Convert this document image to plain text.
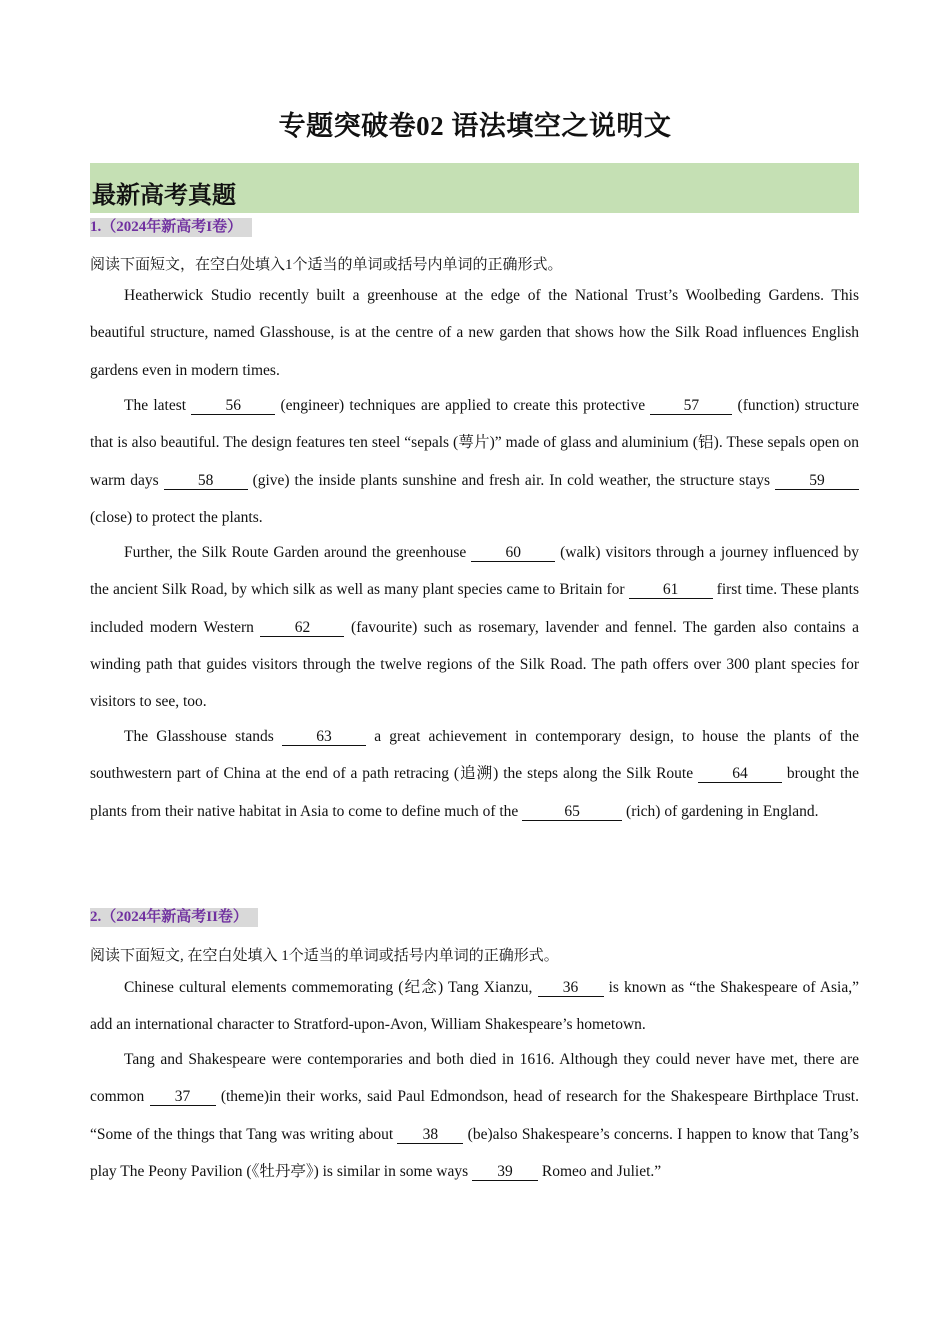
专题突破卷02 语法填空之说明文
最新高考真题
1.（2024年新高考I卷）
阅读下面短文，在空白处填入1个适当的单词或括号内单词的正确形式。

Heatherwick Studio recently built a greenhouse at the edge of the National Trust’s Woolbeding Gardens. This beautiful structure, named Glasshouse, is at the centre of a new garden that shows how the Silk Road influences English gardens even in modern times.

The latest 56 (engineer) techniques are applied to create this protective 57 (function) structure that is also beautiful. The design features ten steel “sepals (萼片)” made of glass and aluminium (铝). These sepals open on warm days 58 (give) the inside plants sunshine and fresh air. In cold weather, the structure stays 59 (close) to protect the plants.

Further, the Silk Route Garden around the greenhouse 60 (walk) visitors through a journey influenced by the ancient Silk Road, by which silk as well as many plant species came to Britain for 61 first time. These plants included modern Western 62 (favourite) such as rosemary, lavender and fennel. The garden also contains a winding path that guides visitors through the twelve regions of the Silk Road. The path offers over 300 plant species for visitors to see, too.

The Glasshouse stands 63 a great achievement in contemporary design, to house the plants of the southwestern part of China at the end of a path retracing (追溯) the steps along the Silk Route 64 brought the plants from their native habitat in Asia to come to define much of the	65	(rich) of gardening in England.

2.（2024年新高考II卷）
阅读下面短文, 在空白处填入 1个适当的单词或括号内单词的正确形式。

Chinese cultural elements commemorating (纪念) Tang Xianzu, 36 is known as “the Shakespeare of Asia,” add an international character to Stratford-upon-Avon, William Shakespeare’s hometown.

Tang and Shakespeare were contemporaries and both died in 1616. Although they could never have met, there are common 37 (theme)in their works, said Paul Edmondson, head of research for the Shakespeare Birthplace Trust. “Some of the things that Tang was writing about 38 (be)also Shakespeare’s concerns. I happen to know that Tang’s play The Peony Pavilion (《牡丹亭》) is similar in some ways 39 Romeo and Juliet.”
